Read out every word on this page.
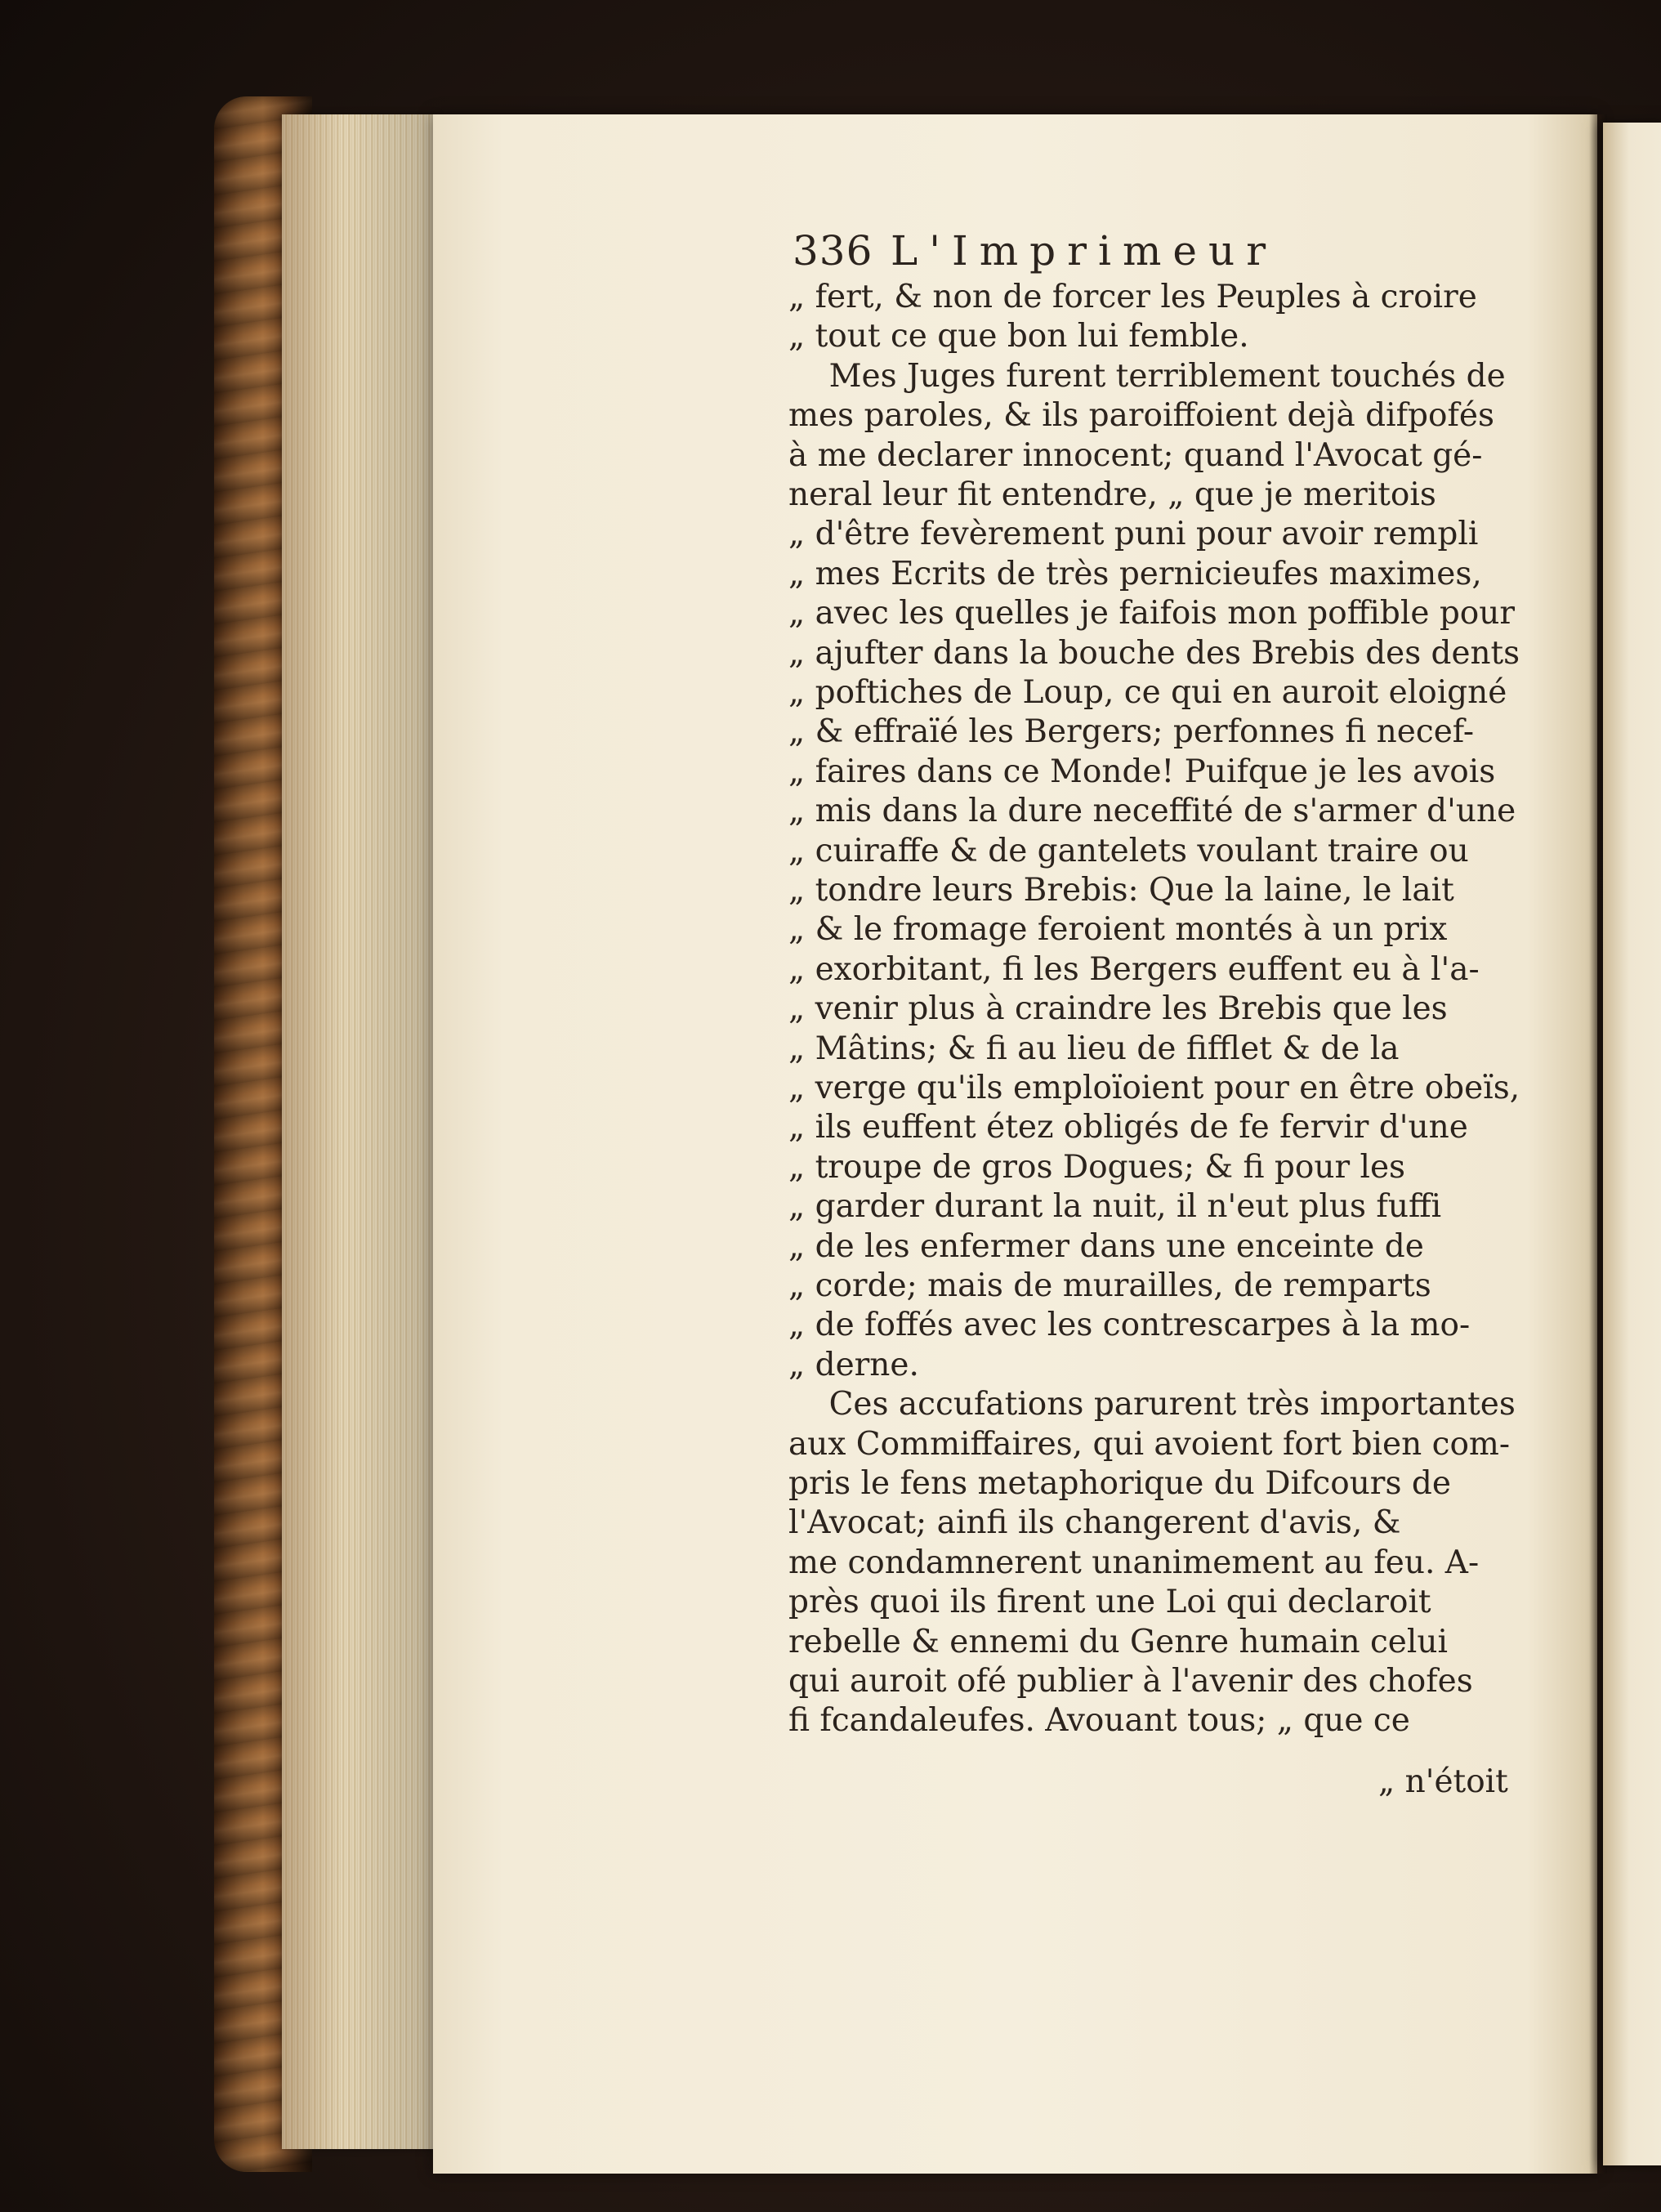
336 L'Imprimeur
„ fert, & non de forcer les Peuples à croire
„ tout ce que bon lui femble.
Mes Juges furent terriblement touchés de
mes paroles, & ils paroiffoient dejà difpofés
à me declarer innocent; quand l'Avocat gé-
neral leur fit entendre, „ que je meritois
„ d'être fevèrement puni pour avoir rempli
„ mes Ecrits de très pernicieufes maximes,
„ avec les quelles je faifois mon poffible pour
„ ajufter dans la bouche des Brebis des dents
„ poftiches de Loup, ce qui en auroit eloigné
„ & effraïé les Bergers; perfonnes fi necef-
„ faires dans ce Monde! Puifque je les avois
„ mis dans la dure neceffité de s'armer d'une
„ cuiraffe & de gantelets voulant traire ou
„ tondre leurs Brebis: Que la laine, le lait
„ & le fromage feroient montés à un prix
„ exorbitant, fi les Bergers euffent eu à l'a-
„ venir plus à craindre les Brebis que les
„ Mâtins; & fi au lieu de fifflet & de la
„ verge qu'ils emploïoient pour en être obeïs,
„ ils euffent étez obligés de fe fervir d'une
„ troupe de gros Dogues; & fi pour les
„ garder durant la nuit, il n'eut plus fuffi
„ de les enfermer dans une enceinte de
„ corde; mais de murailles, de remparts
„ de foffés avec les contrescarpes à la mo-
„ derne.
Ces accufations parurent très importantes
aux Commiffaires, qui avoient fort bien com-
pris le fens metaphorique du Difcours de
l'Avocat; ainfi ils changerent d'avis, &
me condamnerent unanimement au feu. A-
près quoi ils firent une Loi qui declaroit
rebelle & ennemi du Genre humain celui
qui auroit ofé publier à l'avenir des chofes
fi fcandaleufes. Avouant tous; „ que ce
„ n'étoit
